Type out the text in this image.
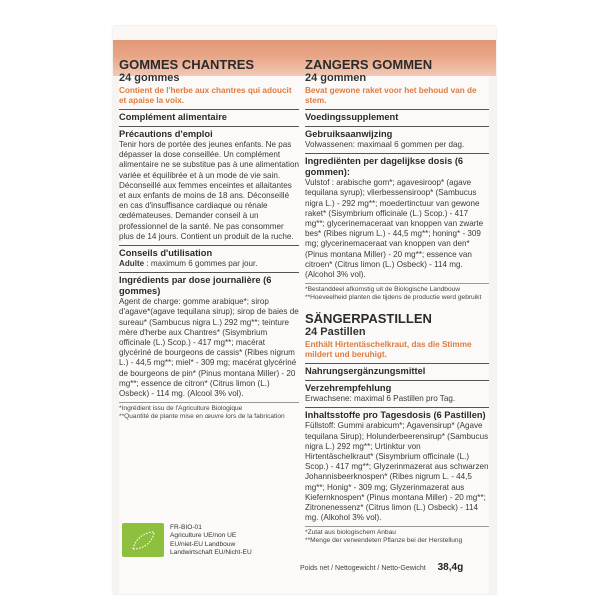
GOMMES CHANTRES
24 gommes
Contient de l'herbe aux chantres qui adoucit et apaise la voix.
Complément alimentaire
Précautions d'emploi
Tenir hors de portée des jeunes enfants. Ne pas dépasser la dose conseillée. Un complément alimentaire ne se substitue pas à une alimentation variée et équilibrée et à un mode de vie sain. Déconseillé aux femmes enceintes et allaitantes et aux enfants de moins de 18 ans. Déconseillé en cas d'insuffisance cardiaque ou rénale œdémateuses. Demander conseil à un professionnel de la santé. Ne pas consommer plus de 14 jours. Contient un produit de la ruche.
Conseils d'utilisation
Adulte : maximum 6 gommes par jour.
Ingrédients par dose journalière (6 gommes)
Agent de charge: gomme arabique*; sirop d'agave*(agave tequilana sirup); sirop de baies de sureau* (Sambucus nigra L.) 292 mg**; teinture mère d'herbe aux Chantres* (Sisymbrium officinale (L.) Scop.) - 417 mg**; macérat glycériné de bourgeons de cassis* (Ribes nigrum L.) - 44,5 mg**; miel* - 309 mg; macérat glycériné de bourgeons de pin* (Pinus montana Miller) - 20 mg**; essence de citron* (Citrus limon (L.) Osbeck) - 114 mg. (Alcool 3% vol).
*Ingrédient issu de l'Agriculture Biologique
**Quantité de plante mise en œuvre lors de la fabrication
ZANGERS GOMMEN
24 gommen
Bevat gewone raket voor het behoud van de stem.
Voedingssupplement
Gebruiksaanwijzing
Volwassenen: maximaal 6 gommen per dag.
Ingrediënten per dagelijkse dosis (6 gommen):
Vulstof : arabische gom*; agavesiroop* (agave tequilana syrup); vlierbessensiroop* (Sambucus nigra L.) - 292 mg**; moedertinctuur van gewone raket* (Sisymbrium officinale (L.) Scop.) - 417 mg**; glycerinemaceraat van knoppen van zwarte bes* (Ribes nigrum L.) - 44,5 mg**; honing* - 309 mg; glycerinemaceraat van knoppen van den* (Pinus montana Miller) - 20 mg**; essence van citroen* (Citrus limon (L.) Osbeck) - 114 mg. (Alcohol 3% vol).
*Bestanddeel afkomstig uit de Biologische Landbouw
**Hoeveelheid planten die tijdens de productie werd gebruikt
SÄNGERPASTILLEN
24 Pastillen
Enthält Hirtentäschelkraut, das die Stimme mildert und beruhigt.
Nahrungsergänzungsmittel
Verzehrempfehlung
Erwachsene: maximal 6 Pastillen pro Tag.
Inhaltsstoffe pro Tagesdosis (6 Pastillen)
Füllstoff: Gummi arabicum*; Agavensirup* (Agave tequilana Sirup); Holunderbeerensirup* (Sambucus nigra L.) 292 mg**; Urtinktur von Hirtentäschelkraut* (Sisymbrium officinale (L.) Scop.) - 417 mg**; Glyzerinmazerat aus schwarzen Johannisbeerknospen* (Ribes nigrum L. - 44,5 mg**; Honig* - 309 mg; Glyzerinmazerat aus Kiefernknospen* (Pinus montana Miller) - 20 mg**; Zitronenessenz* (Citrus limon (L.) Osbeck) - 114 mg. (Alkohol 3% vol).
*Zutat aus biologischem Anbau
**Menge der verwendeten Pflanze bei der Herstellung
FR-BIO-01
Agriculture UE/non UE
EU/niet-EU Landbouw
Landwirtschaft EU/Nicht-EU
Poids net / Nettogewicht / Netto-Gewicht 38,4g
